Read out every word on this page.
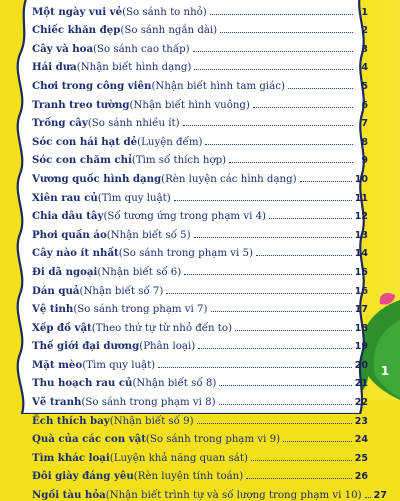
1
Một ngày vui vẻ (So sánh to nhỏ)	1
Chiếc khăn đẹp (So sánh ngắn dài)	2
Cây và hoa (So sánh cao thấp)	3
Hái dưa (Nhận biết hình dạng)	4
Chơi trong công viên (Nhận biết hình tam giác)	5
Tranh treo tường (Nhận biết hình vuông)	6
Trồng cây (So sánh nhiều ít)	7
Sóc con hái hạt dẻ (Luyện đếm)	8
Sóc con chăm chỉ (Tìm số thích hợp)	9
Vương quốc hình dạng (Rèn luyện các hình dạng)	10
Xiên rau củ (Tìm quy luật)	11
Chia dâu tây (Số tương ứng trong phạm vi 4)	12
Phơi quần áo (Nhận biết số 5)	13
Cây nào ít nhất (So sánh trong phạm vi 5)	14
Đi dã ngoại (Nhận biết số 6)	15
Dán quả (Nhận biết số 7)	16
Vệ tinh (So sánh trong phạm vi 7)	17
Xếp đồ vật (Theo thứ tự từ nhỏ đến to)	18
Thế giới đại dương (Phân loại)	19
Mặt mèo (Tìm quy luật)	20
Thu hoạch rau củ (Nhận biết số 8)	21
Vẽ tranh (So sánh trong phạm vi 8)	22
Ếch thích bay (Nhận biết số 9)	23
Quà của các con vật (So sánh trong phạm vi 9)	24
Tìm khác loại (Luyện khả năng quan sát)	25
Đôi giày đáng yêu (Rèn luyện tính toán)	26
Ngồi tàu hỏa (Nhận biết trình tự và số lượng trong phạm vi 10) 27
